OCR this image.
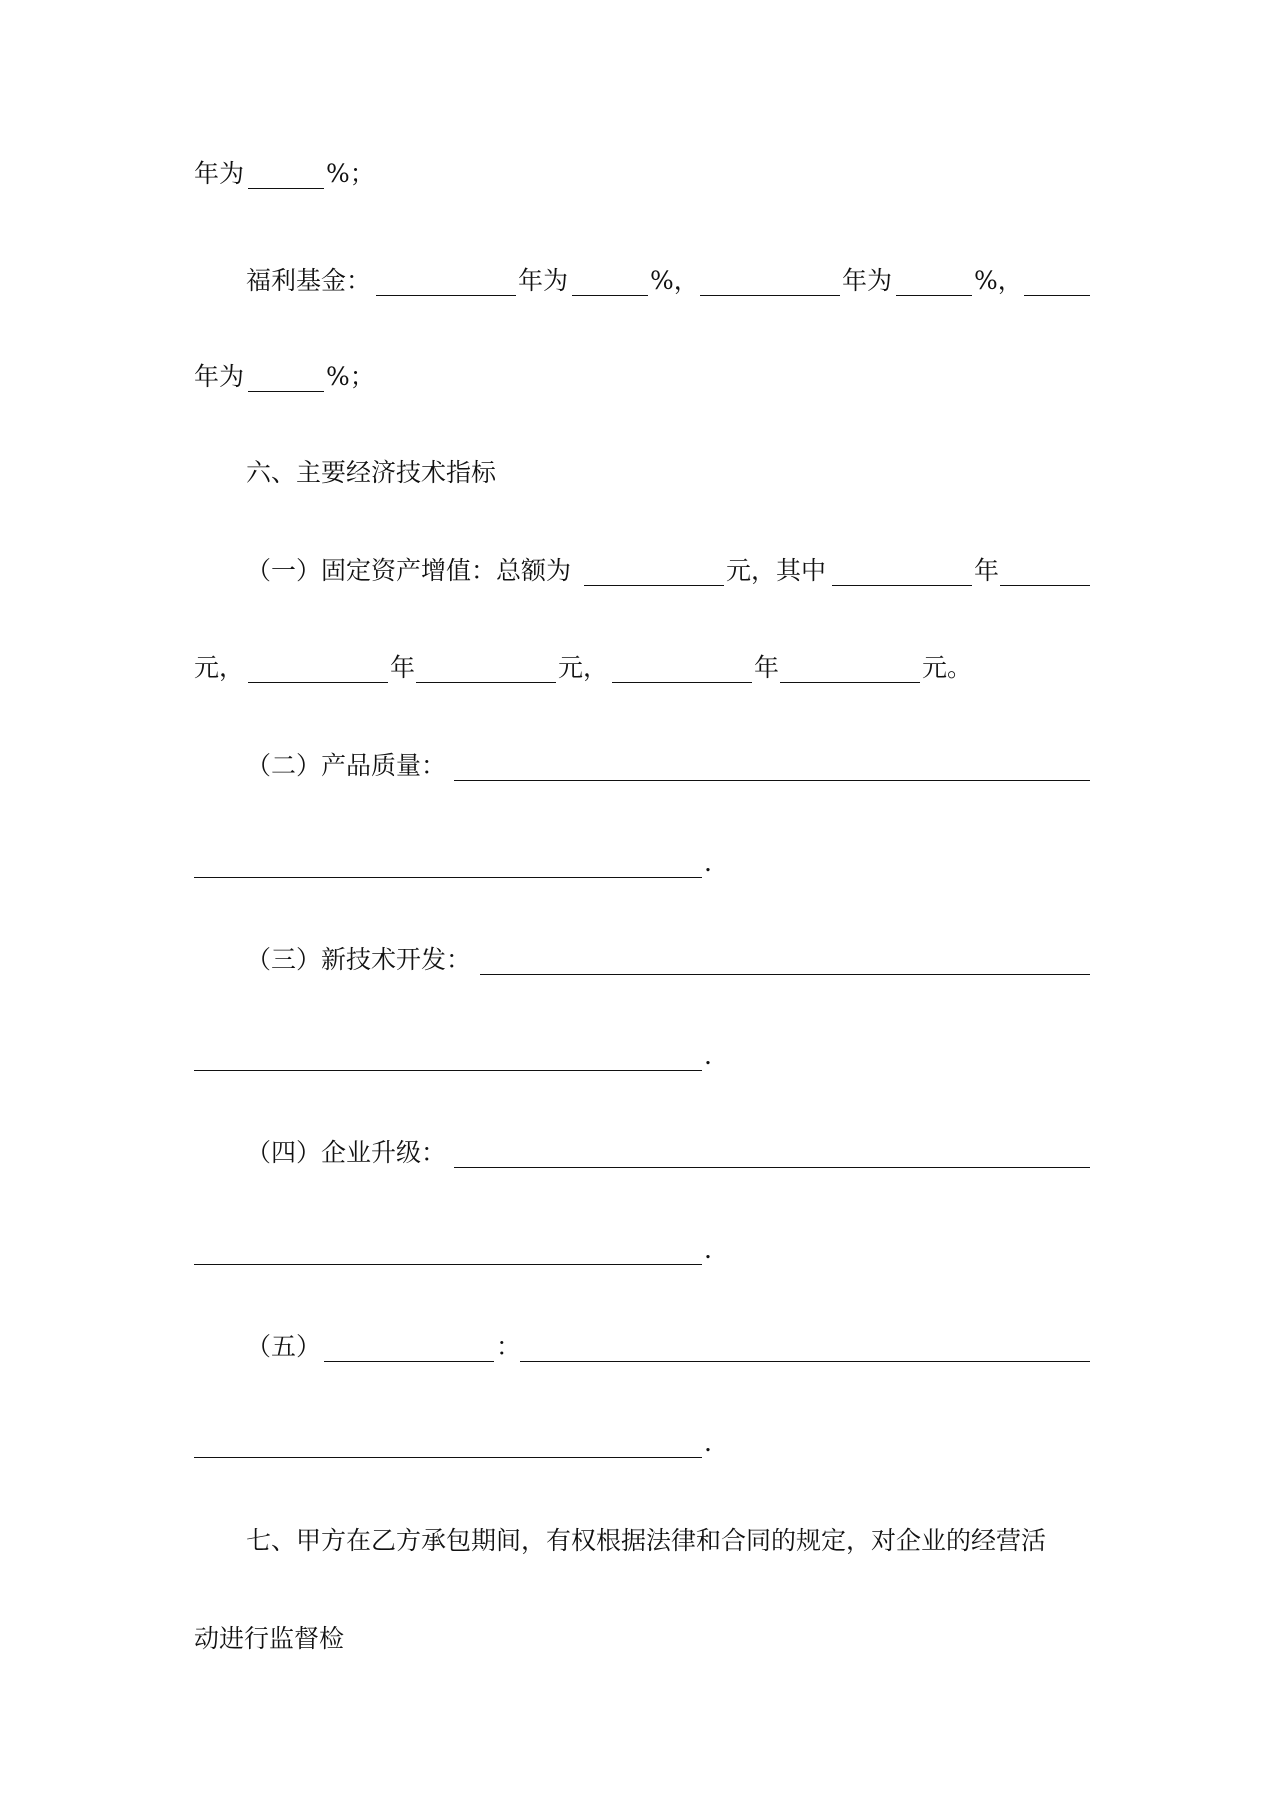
年为	%；
福利基金：	年为	%，	年为	%，
年为	%；
六、主要经济技术指标
（一）固定资产增值：总额为	元，其中	年
元，	年	元，	年	元。
（二）产品质量：
.
（三）新技术开发：
.
（四）企业升级：
.
（五）	：
.
七、甲方在乙方承包期间，有权根据法律和合同的规定，对企业的经营活
动进行监督检
